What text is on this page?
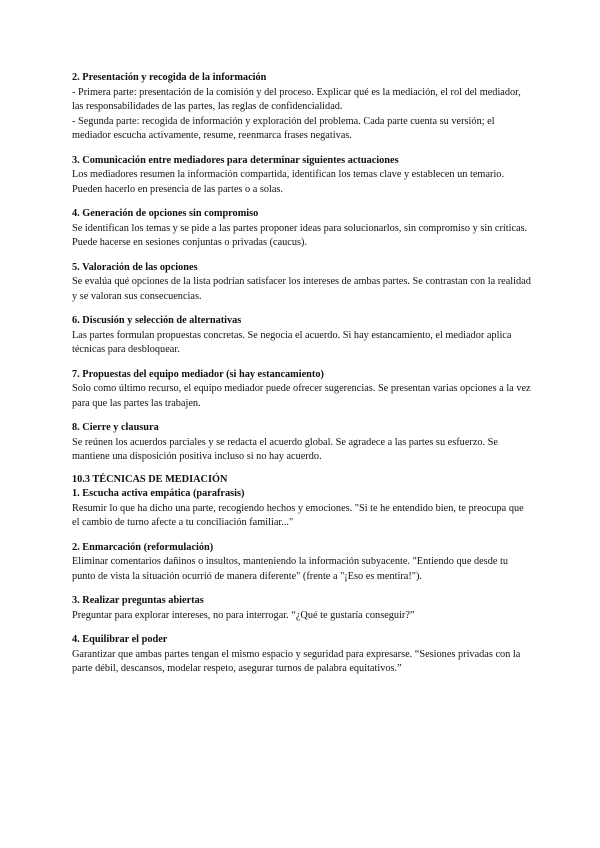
2. Presentación y recogida de la información

- Primera parte: presentación de la comisión y del proceso. Explicar qué es la mediación, el rol del mediador, las responsabilidades de las partes, las reglas de confidencialidad.

- Segunda parte: recogida de información y exploración del problema. Cada parte cuenta su versión; el mediador escucha activamente, resume, reenmarca frases negativas.

3. Comunicación entre mediadores para determinar siguientes actuaciones

Los mediadores resumen la información compartida, identifican los temas clave y establecen un temario. Pueden hacerlo en presencia de las partes o a solas.

4. Generación de opciones sin compromiso

Se identifican los temas y se pide a las partes proponer ideas para solucionarlos, sin compromiso y sin críticas. Puede hacerse en sesiones conjuntas o privadas (caucus).

5. Valoración de las opciones

Se evalúa qué opciones de la lista podrían satisfacer los intereses de ambas partes. Se contrastan con la realidad y se valoran sus consecuencias.

6. Discusión y selección de alternativas

Las partes formulan propuestas concretas. Se negocia el acuerdo. Si hay estancamiento, el mediador aplica técnicas para desbloquear.

7. Propuestas del equipo mediador (si hay estancamiento)

Solo como último recurso, el equipo mediador puede ofrecer sugerencias. Se presentan varias opciones a la vez para que las partes las trabajen.

8. Cierre y clausura

Se reúnen los acuerdos parciales y se redacta el acuerdo global. Se agradece a las partes su esfuerzo. Se mantiene una disposición positiva incluso si no hay acuerdo.

10.3 TÉCNICAS DE MEDIACIÓN

1. Escucha activa empática (parafrasis)

Resumir lo que ha dicho una parte, recogiendo hechos y emociones. "Si te he entendido bien, te preocupa que el cambio de turno afecte a tu conciliación familiar..."

2. Enmarcación (reformulación)

Eliminar comentarios dañinos o insultos, manteniendo la información subyacente. "Entiendo que desde tu punto de vista la situación ocurrió de manera diferente" (frente a "¡Eso es mentira!").

3. Realizar preguntas abiertas

Preguntar para explorar intereses, no para interrogar. “¿Qué te gustaría conseguir?”

4. Equilibrar el poder

Garantizar que ambas partes tengan el mismo espacio y seguridad para expresarse. “Sesiones privadas con la parte débil, descansos, modelar respeto, asegurar turnos de palabra equitativos.”
